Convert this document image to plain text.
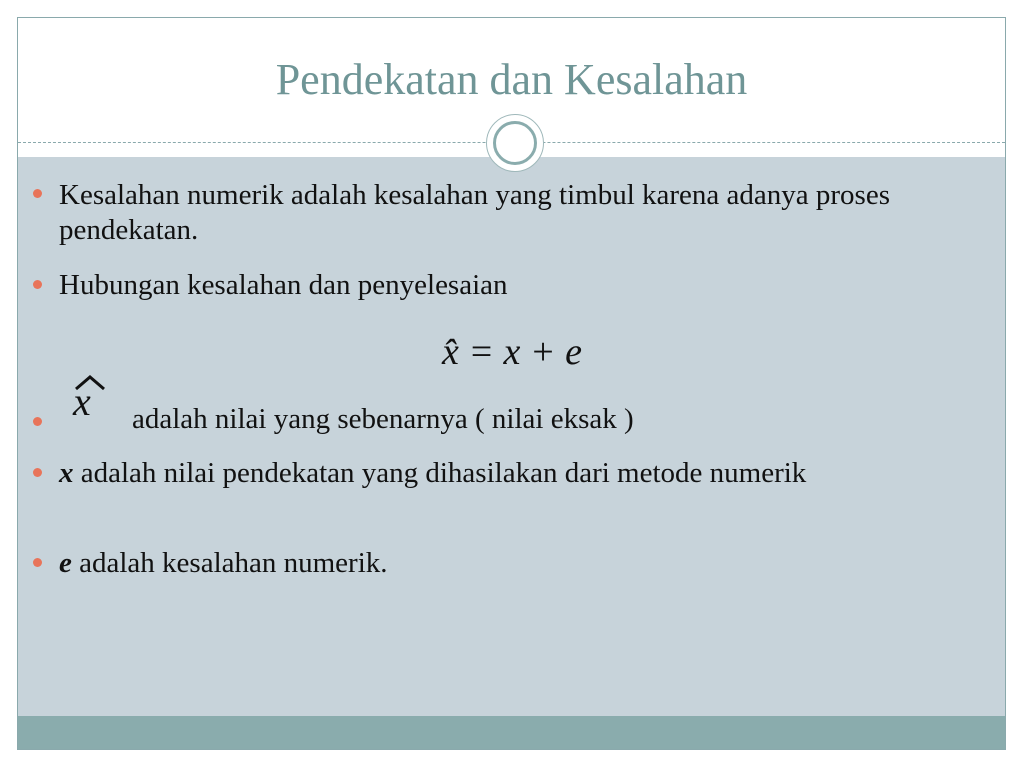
Pendekatan dan Kesalahan
Kesalahan numerik adalah kesalahan yang timbul karena adanya proses pendekatan.
Hubungan kesalahan dan penyelesaian
x̂ = x + e
x adalah nilai yang sebenarnya ( nilai eksak )
x adalah nilai pendekatan yang dihasilakan dari metode numerik
e adalah kesalahan numerik.
